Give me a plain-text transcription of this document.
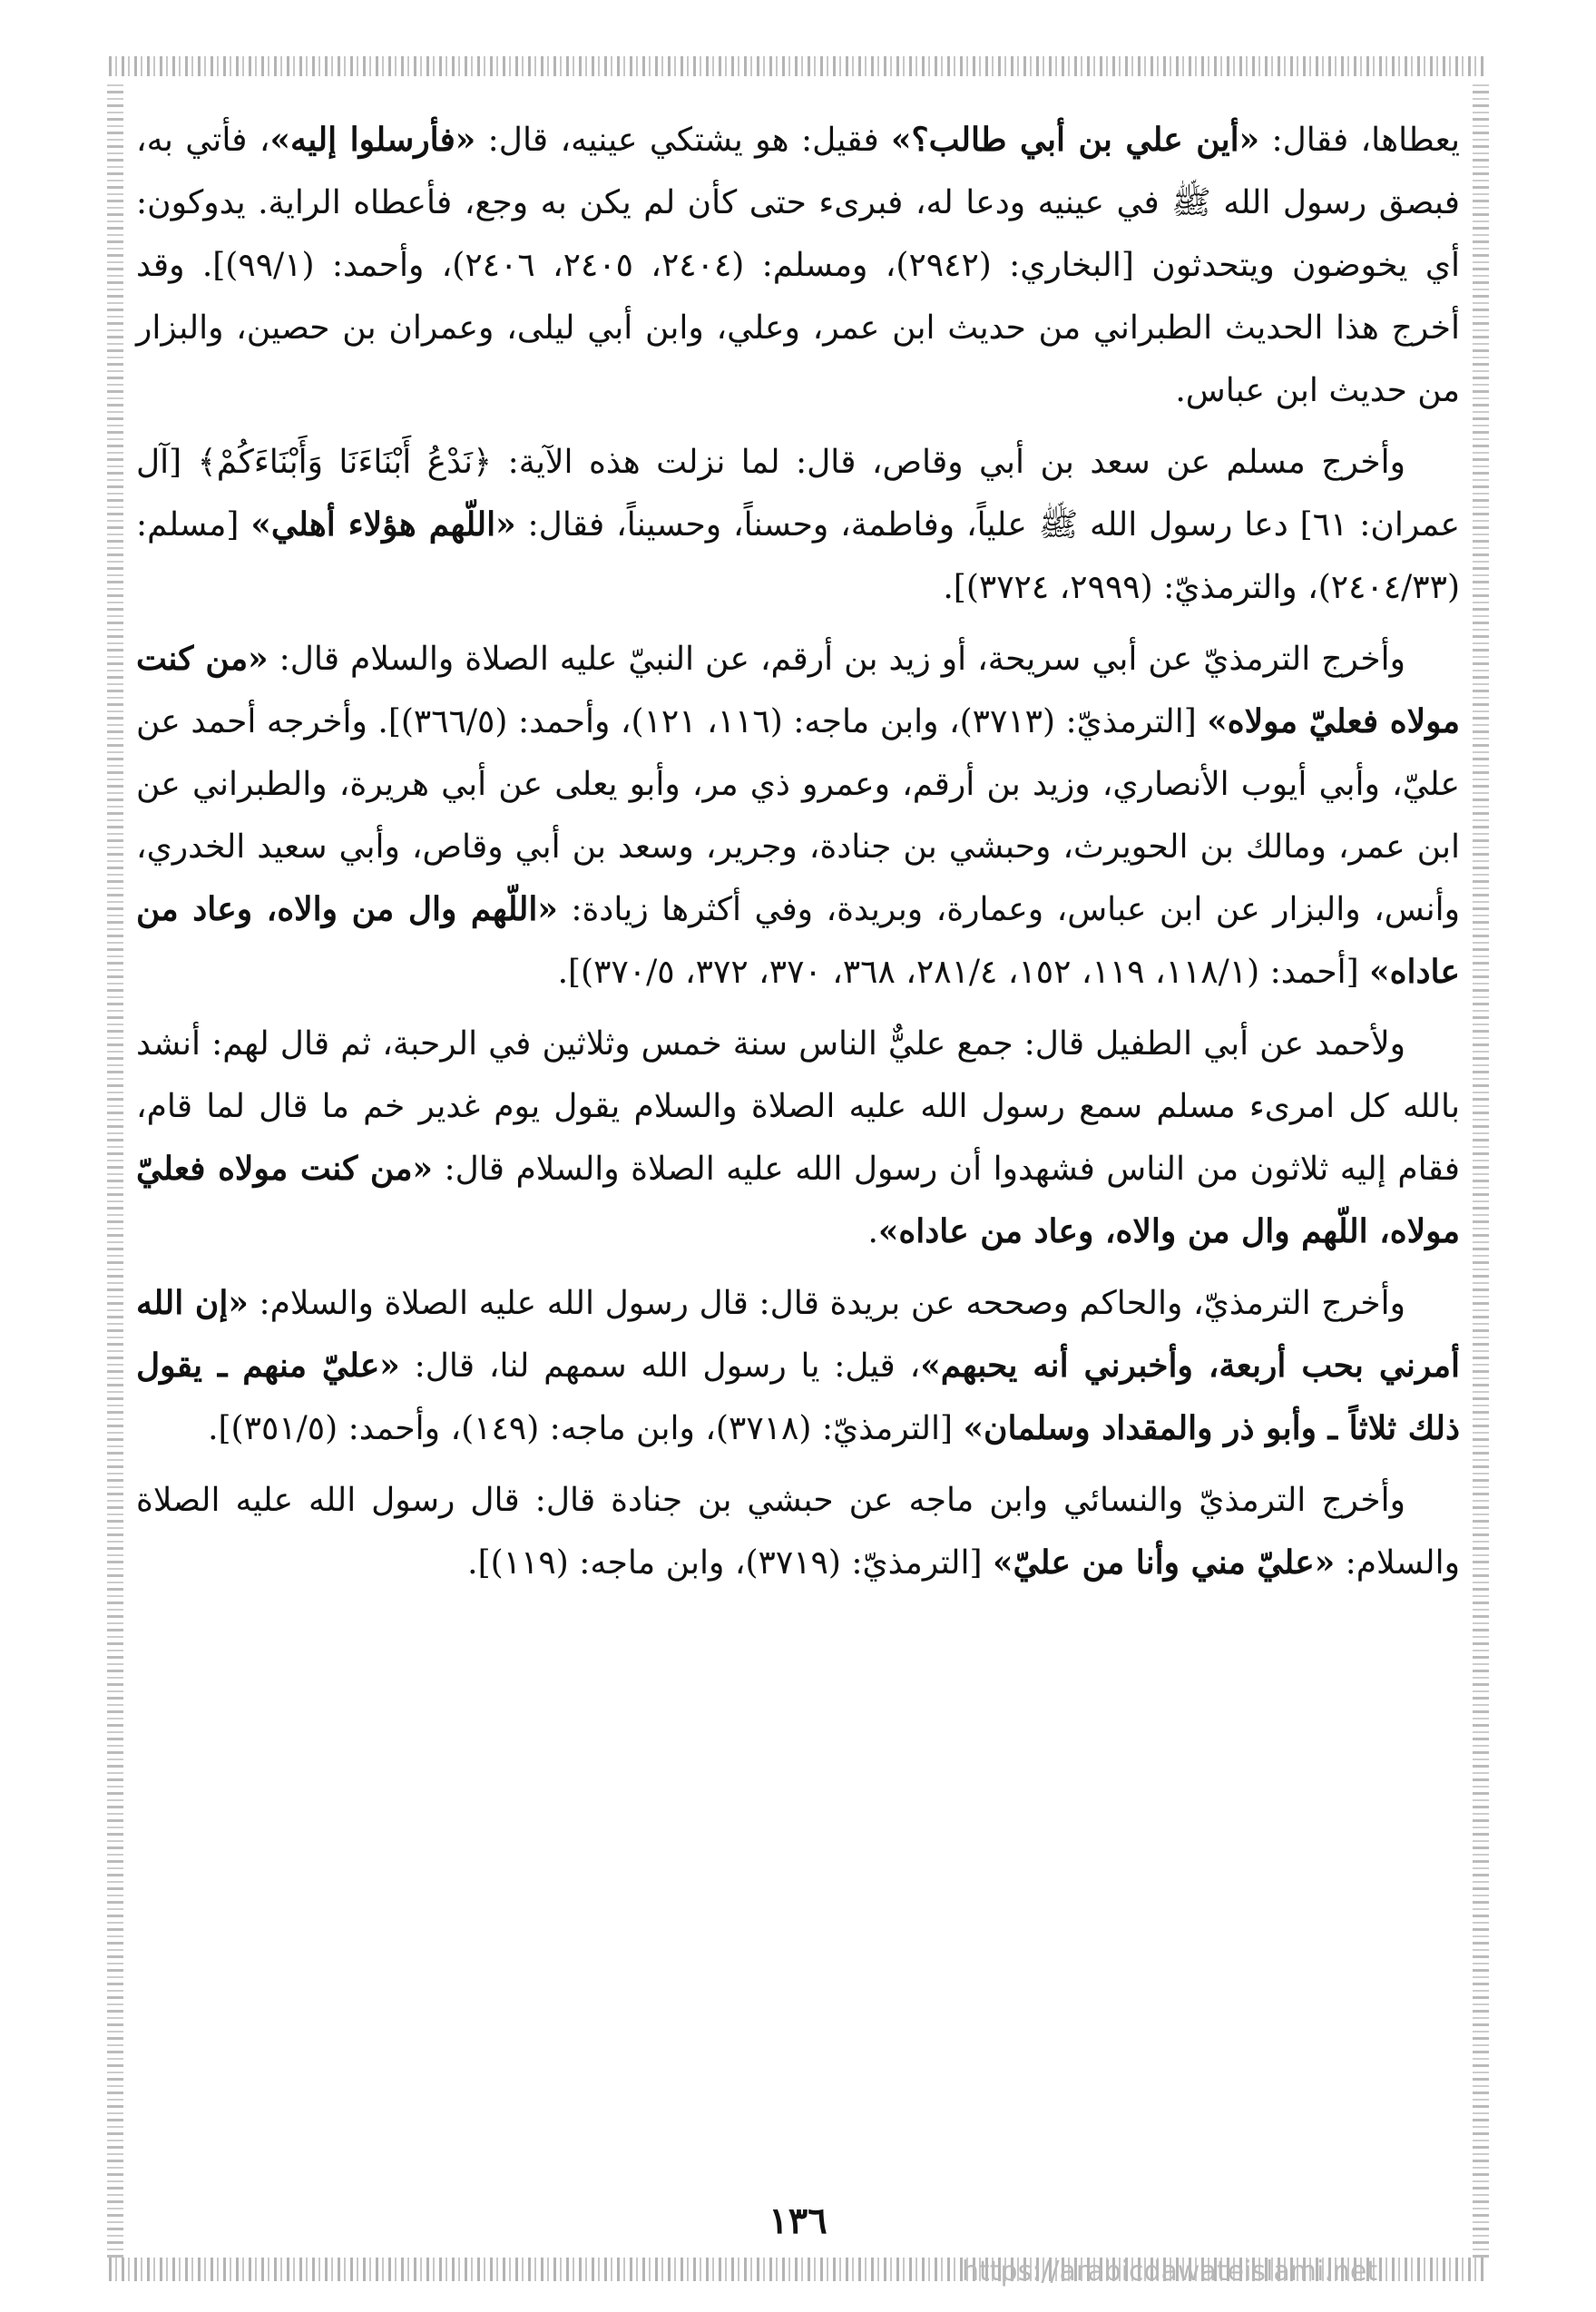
يعطاها، فقال: «أين علي بن أبي طالب؟» فقيل: هو يشتكي عينيه، قال: «فأرسلوا إليه»، فأتي به، فبصق رسول الله ﷺ في عينيه ودعا له، فبرىء حتى كأن لم يكن به وجع، فأعطاه الراية. يدوكون: أي يخوضون ويتحدثون [البخاري: (٢٩٤٢)، ومسلم: (٢٤٠٤، ٢٤٠٥، ٢٤٠٦)، وأحمد: (٩٩/١)]. وقد أخرج هذا الحديث الطبراني من حديث ابن عمر، وعلي، وابن أبي ليلى، وعمران بن حصين، والبزار من حديث ابن عباس.

وأخرج مسلم عن سعد بن أبي وقاص، قال: لما نزلت هذه الآية: ﴿نَدْعُ أَبْنَاءَنَا وَأَبْنَاءَكُمْ﴾ [آل عمران: ٦١] دعا رسول الله ﷺ علياً، وفاطمة، وحسناً، وحسيناً، فقال: «اللّهم هؤلاء أهلي» [مسلم: (٢٤٠٤/٣٣)، والترمذيّ: (٢٩٩٩، ٣٧٢٤)].

وأخرج الترمذيّ عن أبي سريحة، أو زيد بن أرقم، عن النبيّ عليه الصلاة والسلام قال: «من كنت مولاه فعليّ مولاه» [الترمذيّ: (٣٧١٣)، وابن ماجه: (١١٦، ١٢١)، وأحمد: (٣٦٦/٥)]. وأخرجه أحمد عن عليّ، وأبي أيوب الأنصاري، وزيد بن أرقم، وعمرو ذي مر، وأبو يعلى عن أبي هريرة، والطبراني عن ابن عمر، ومالك بن الحويرث، وحبشي بن جنادة، وجرير، وسعد بن أبي وقاص، وأبي سعيد الخدري، وأنس، والبزار عن ابن عباس، وعمارة، وبريدة، وفي أكثرها زيادة: «اللّهم وال من والاه، وعاد من عاداه» [أحمد: (١١٨/١، ١١٩، ١٥٢، ٢٨١/٤، ٣٦٨، ٣٧٠، ٣٧٢، ٣٧٠/٥)].

ولأحمد عن أبي الطفيل قال: جمع عليٌّ الناس سنة خمس وثلاثين في الرحبة، ثم قال لهم: أنشد بالله كل امرىء مسلم سمع رسول الله عليه الصلاة والسلام يقول يوم غدير خم ما قال لما قام، فقام إليه ثلاثون من الناس فشهدوا أن رسول الله عليه الصلاة والسلام قال: «من كنت مولاه فعليّ مولاه، اللّهم وال من والاه، وعاد من عاداه».

وأخرج الترمذيّ، والحاكم وصححه عن بريدة قال: قال رسول الله عليه الصلاة والسلام: «إن الله أمرني بحب أربعة، وأخبرني أنه يحبهم»، قيل: يا رسول الله سمهم لنا، قال: «عليّ منهم ـ يقول ذلك ثلاثاً ـ وأبو ذر والمقداد وسلمان» [الترمذيّ: (٣٧١٨)، وابن ماجه: (١٤٩)، وأحمد: (٣٥١/٥)].

وأخرج الترمذيّ والنسائي وابن ماجه عن حبشي بن جنادة قال: قال رسول الله عليه الصلاة والسلام: «عليّ مني وأنا من عليّ» [الترمذيّ: (٣٧١٩)، وابن ماجه: (١١٩)].

١٣٦
https://arabicdawateislami.net
